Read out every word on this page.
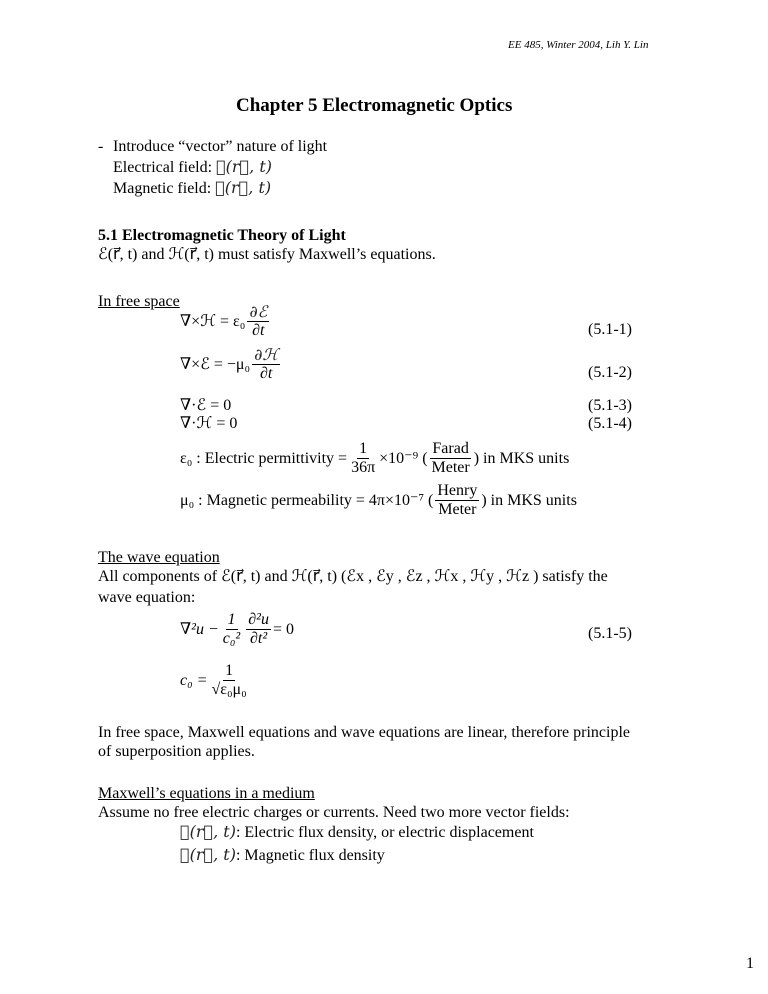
EE 485, Winter 2004, Lih Y. Lin
Chapter 5 Electromagnetic Optics
- Introduce “vector” nature of light
Electrical field: ℰ(r⃗, t)
Magnetic field: ℋ(r⃗, t)
5.1 Electromagnetic Theory of Light
ℰ(r⃗, t) and ℋ(r⃗, t) must satisfy Maxwell’s equations.
In free space
∇×ℋ = $\varepsilon_0 \frac{\text{∂ℰ}}{\partial t}$	(5.1-1)
∇×ℰ = $-\mu_0 \frac{\text{∂ℋ}}{\partial t}$	(5.1-2)
∇·ℰ = 0	(5.1-3)
∇·ℋ = 0	(5.1-4)
ε₀ : Electric permittivity = $\frac{1}{36\pi} \times 10^{-9}$ ( $\frac{\text{Farad}}{\text{Meter}}$ ) in MKS units
μ₀ : Magnetic permeability = 4π×10⁻⁷ ( $\frac{\text{Henry}}{\text{Meter}}$ ) in MKS units
The wave equation
All components of ℰ(r⃗, t) and ℋ(r⃗, t) (ℰx , ℰy , ℰz , ℋx , ℋy , ℋz ) satisfy the
wave equation:
$\nabla^2u - \frac{1}{\text{c₀²}} \frac{\text{∂²u}}{\text{∂t²}} = 0$	(5.1-5)
$c_0 = \frac{1}{\text{√ε₀μ₀}}$
In free space, Maxwell equations and wave equations are linear, therefore principle
of superposition applies.
Maxwell’s equations in a medium
Assume no free electric charges or currents. Need two more vector fields:
𝒟(r⃗, t): Electric flux density, or electric displacement
ℬ(r⃗, t): Magnetic flux density
1
